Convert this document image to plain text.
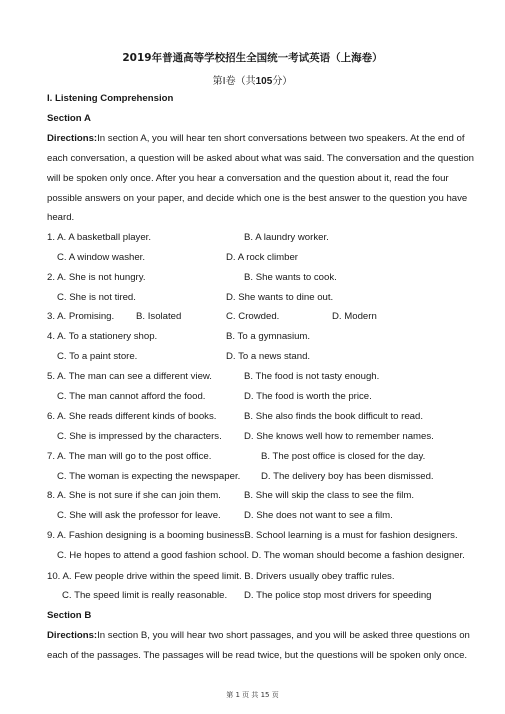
2019年普通高等学校招生全国统一考试英语（上海卷）
第Ⅰ卷（共105分）
I. Listening Comprehension
Section A
Directions:In section A, you will hear ten short conversations between two speakers. At the end of
each conversation, a question will be asked about what was said. The conversation and the question
will be spoken only once. After you hear a conversation and the question about it, read the four
possible answers on your paper, and decide which one is the best answer to the question you have
heard.
1. A. A basketball player.	B. A laundry worker.
C. A window washer.	D. A rock climber
2. A. She is not hungry.	B. She wants to cook.
C. She is not tired.	D. She wants to dine out.
3. A. Promising. B. Isolated	C. Crowded.	D. Modern
4. A. To a stationery shop.	B. To a gymnasium.
C. To a paint store.	D. To a news stand.
5. A. The man can see a different view.	B. The food is not tasty enough.
C. The man cannot afford the food.	D. The food is worth the price.
6. A. She reads different kinds of books.	B. She also finds the book difficult to read.
C. She is impressed by the characters. D. She knows well how to remember names.
7. A. The man will go to the post office.	B. The post office is closed for the day.
C. The woman is expecting the newspaper. D. The delivery boy has been dismissed.
8. A. She is not sure if she can join them. B. She will skip the class to see the film.
C. She will ask the professor for leave. D. She does not want to see a film.
9. A. Fashion designing is a booming businessB. School learning is a must for fashion designers.
C. He hopes to attend a good fashion school. D. The woman should become a fashion designer.
10. A. Few people drive within the speed limit. B. Drivers usually obey traffic rules.
C. The speed limit is really reasonable. D. The police stop most drivers for speeding
Section B
Directions:In section B, you will hear two short passages, and you will be asked three questions on
each of the passages. The passages will be read twice, but the questions will be spoken only once.
第 1 页 共 15 页
